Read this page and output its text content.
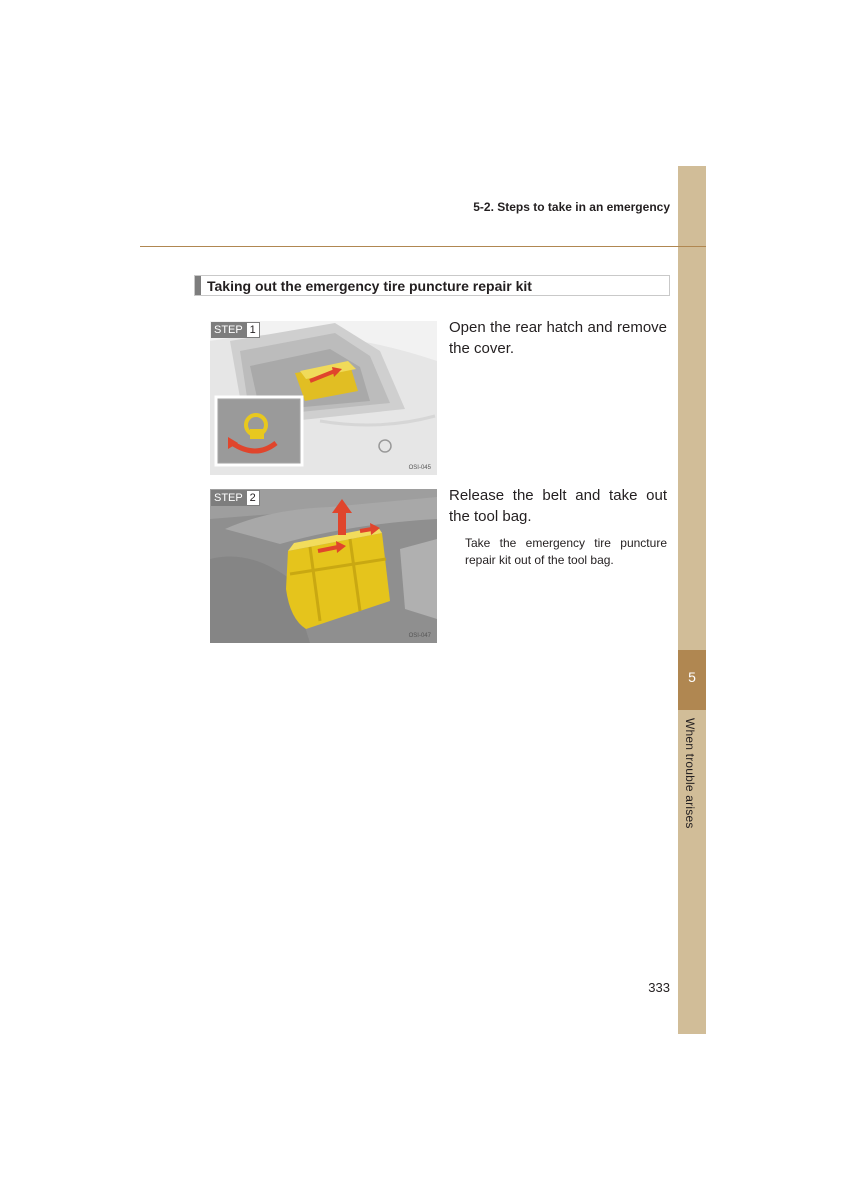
5
When trouble arises
5-2. Steps to take in an emergency
Taking out the emergency tire puncture repair kit
STEP 1
OSI-045
Open the rear hatch and remove the cover.
STEP 2
OSI-047
Release the belt and take out the tool bag.
Take the emergency tire puncture repair kit out of the tool bag.
333
